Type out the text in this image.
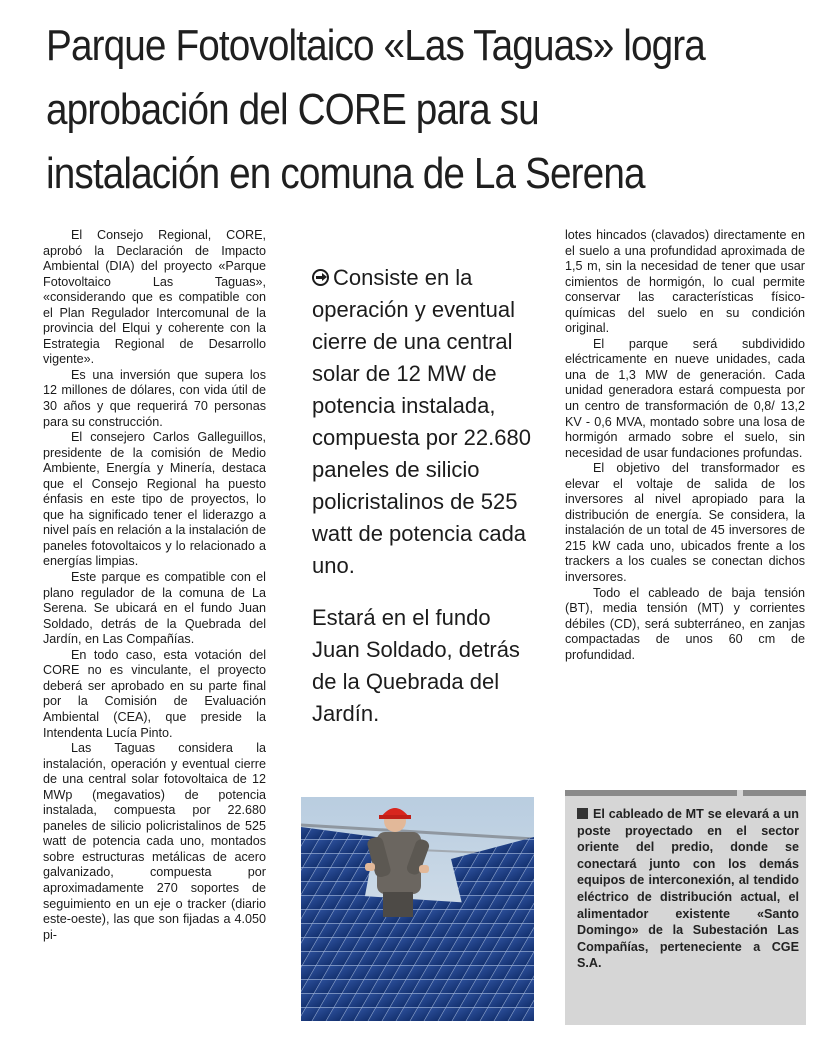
Parque Fotovoltaico «Las Taguas» logra aprobación del CORE para su instalación en comuna de La Serena

El Consejo Regional, CORE, aprobó la Declaración de Impacto Ambiental (DIA) del proyecto «Parque Fotovoltaico Las Taguas», «considerando que es compatible con el Plan Regulador Intercomunal de la provincia del Elqui y coherente con la Estrategia Regional de Desarrollo vigente».

Es una inversión que supera los 12 millones de dólares, con vida útil de 30 años y que requerirá 70 personas para su construcción.

El consejero Carlos Galleguillos, presidente de la comisión de Medio Ambiente, Energía y Minería, destaca que el Consejo Regional ha puesto énfasis en este tipo de proyectos, lo que ha significado tener el liderazgo a nivel país en relación a la instalación de paneles fotovoltaicos y lo relacionado a energías limpias.

Este parque es compatible con el plano regulador de la comuna de La Serena. Se ubicará en el fundo Juan Soldado, detrás de la Quebrada del Jardín, en Las Compañías.

En todo caso, esta votación del CORE no es vinculante, el proyecto deberá ser aprobado en su parte final por la Comisión de Evaluación Ambiental (CEA), que preside la Intendenta Lucía Pinto.

Las Taguas considera la instalación, operación y eventual cierre de una central solar fotovoltaica de 12 MWp (megavatios) de potencia instalada, compuesta por 22.680 paneles de silicio policristalinos de 525 watt de potencia cada uno, montados sobre estructuras metálicas de acero galvanizado, compuesta por aproximadamente 270 soportes de seguimiento en un eje o tracker (diario este-oeste), las que son fijadas a 4.050 pi-

Consiste en la operación y eventual cierre de una central solar de 12 MW de potencia instalada, compuesta por 22.680 paneles de silicio policristalinos de 525 watt de potencia cada uno.

Estará en el fundo Juan Soldado, detrás de la Quebrada del Jardín.

lotes hincados (clavados) directamente en el suelo a una profundidad aproximada de 1,5 m, sin la necesidad de tener que usar cimientos de hormigón, lo cual permite conservar las características físico-químicas del suelo en su condición original.

El parque será subdividido eléctricamente en nueve unidades, cada una de 1,3 MW de generación. Cada unidad generadora estará compuesta por un centro de transformación de 0,8/ 13,2 KV - 0,6 MVA, montado sobre una losa de hormigón armado sobre el suelo, sin necesidad de usar fundaciones profundas.

El objetivo del transformador es elevar el voltaje de salida de los inversores al nivel apropiado para la distribución de energía. Se considera, la instalación de un total de 45 inversores de 215 kW cada uno, ubicados frente a los trackers a los cuales se conectan dichos inversores.

Todo el cableado de baja tensión (BT), media tensión (MT) y corrientes débiles (CD), será subterráneo, en zanjas compactadas de unos 60 cm de profundidad.

El cableado de MT se elevará a un poste proyectado en el sector oriente del predio, donde se conectará junto con los demás equipos de interconexión, al tendido eléctrico de distribución actual, el alimentador existente «Santo Domingo» de la Subestación Las Compañías, perteneciente a CGE S.A.
